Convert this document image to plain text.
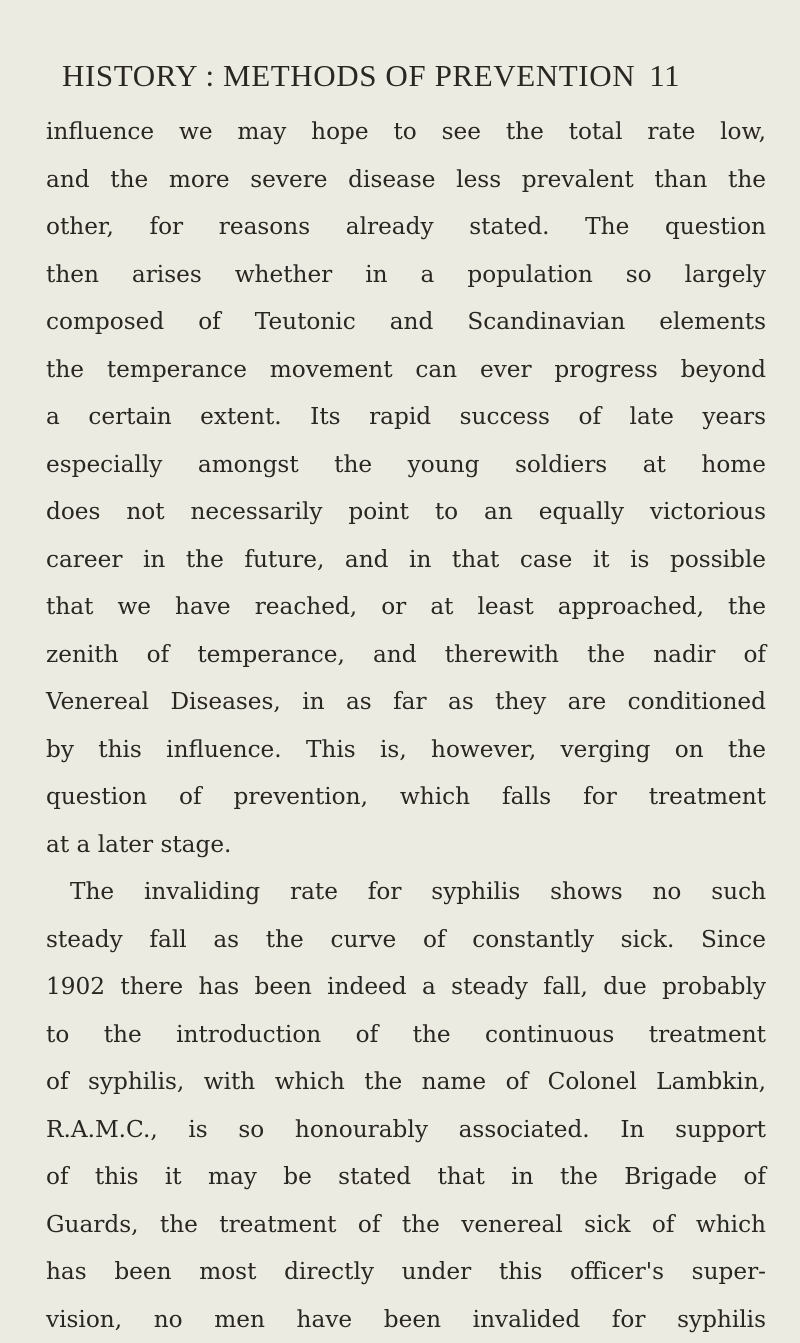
HISTORY : METHODS OF PREVENTION 11
influence we may hope to see the total rate low,
and the more severe disease less prevalent than the
other, for reasons already stated. The question
then arises whether in a population so largely
composed of Teutonic and Scandinavian elements
the temperance movement can ever progress beyond
a certain extent. Its rapid success of late years
especially amongst the young soldiers at home
does not necessarily point to an equally victorious
career in the future, and in that case it is possible
that we have reached, or at least approached, the
zenith of temperance, and therewith the nadir of
Venereal Diseases, in as far as they are conditioned
by this influence. This is, however, verging on the
question of prevention, which falls for treatment
at a later stage.
The invaliding rate for syphilis shows no such
steady fall as the curve of constantly sick. Since
1902 there has been indeed a steady fall, due probably
to the introduction of the continuous treatment
of syphilis, with which the name of Colonel Lambkin,
R.A.M.C., is so honourably associated. In support
of this it may be stated that in the Brigade of
Guards, the treatment of the venereal sick of which
has been most directly under this officer's super-
vision, no men have been invalided for syphilis
